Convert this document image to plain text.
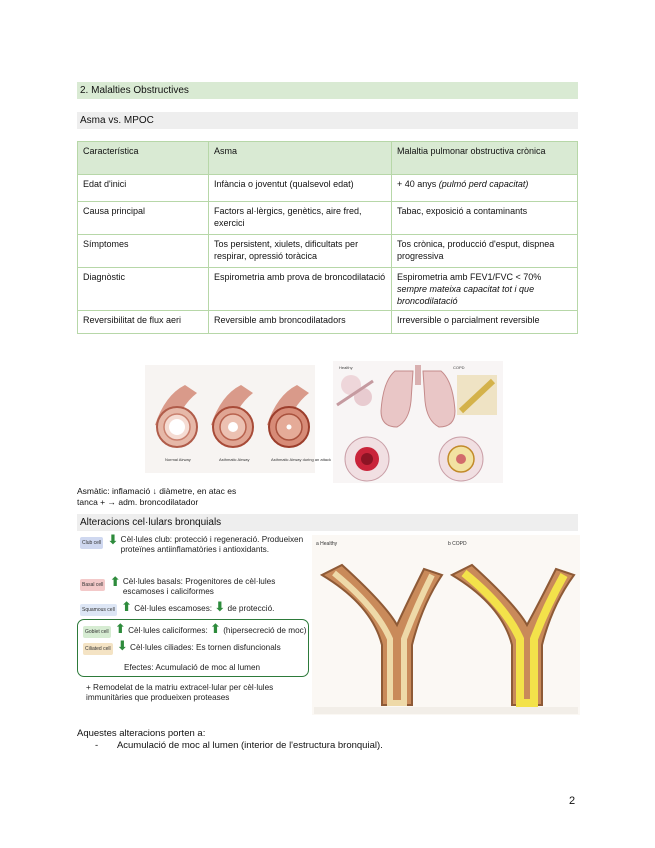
2. Malalties Obstructives
Asma vs. MPOC
Característica	Asma	Malaltia pulmonar obstructiva crònica
Edat d'inici	Infància o joventut (qualsevol edat)	+ 40 anys (pulmó perd capacitat)
Causa principal	Factors al·lèrgics, genètics, aire fred, exercici	Tabac, exposició a contaminants
Símptomes	Tos persistent, xiulets, dificultats per respirar, opressió toràcica	Tos crònica, producció d'esput, dispnea progressiva
Diagnòstic	Espirometria amb prova de broncodilatació	Espirometria amb FEV1/FVC < 70%
sempre mateixa capacitat tot i que broncodilatació
Reversibilitat de flux aeri	Reversible amb broncodilatadors	Irreversible o parcialment reversible
Normal Airway	Asthmatic Airway	Asthmatic Airway during an attack
Healthy	COPD
Asmàtic: inflamació ↓ diàmetre, en atac es
tanca + → adm. broncodilatador
Alteracions cel·lulars bronquials
Club cell ⬇ Cèl·lules club: protecció i regeneració. Produeixen proteïnes antiinflamatòries i antioxidants.
Basal cell ⬆ Cèl·lules basals: Progenitores de cèl·lules escamoses i caliciformes
Squamous cell ⬆ Cèl·lules escamoses: ⬇ de protecció.
Goblet cell ⬆ Cèl·lules caliciformes: ⬆ (hipersecreció de moc)
Ciliated cell ⬇ Cèl·lules ciliades: Es tornen disfuncionals
Efectes: Acumulació de moc al lumen
+ Remodelat de la matriu extracel·lular per cèl·lules immunitàries que produeixen proteases
a Healthy	b COPD
Aquestes alteracions porten a:
- Acumulació de moc al lumen (interior de l'estructura bronquial).
2
